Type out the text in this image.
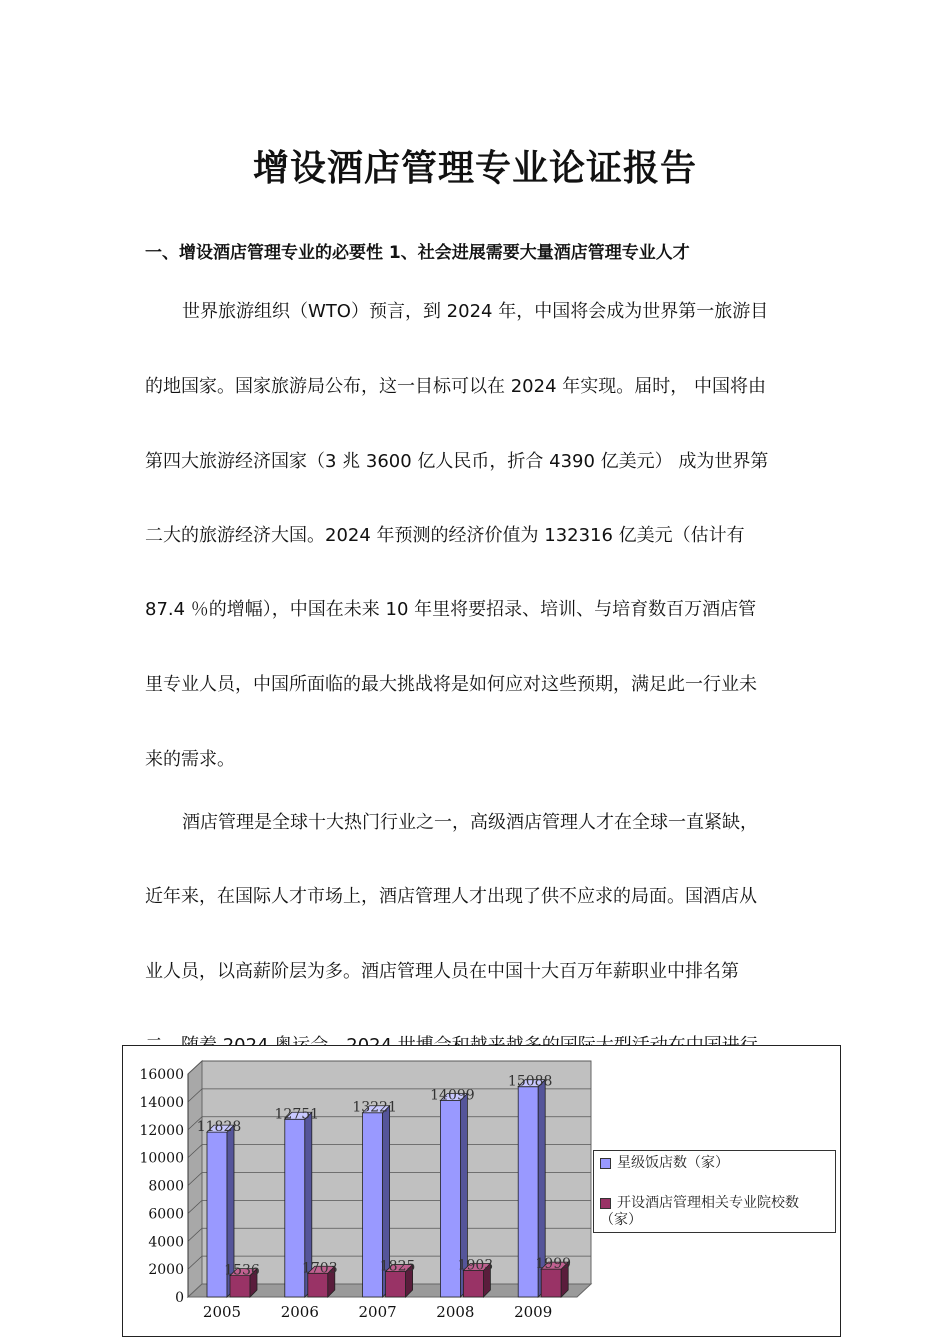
增设酒店管理专业论证报告
一、增设酒店管理专业的必要性 1、社会进展需要大量酒店管理专业人才
世界旅游组织（WTO）预言，到 2024 年，中国将会成为世界第一旅游目
的地国家。国家旅游局公布，这一目标可以在 2024 年实现。届时， 中国将由
第四大旅游经济国家（3 兆 3600 亿人民币，折合 4390 亿美元） 成为世界第
二大的旅游经济大国。2024 年预测的经济价值为 132316 亿美元（估计有
87.4 ％的增幅），中国在未来 10 年里将要招录、培训、与培育数百万酒店管
里专业人员，中国所面临的最大挑战将是如何应对这些预期，满足此一行业未
来的需求。
酒店管理是全球十大热门行业之一，高级酒店管理人才在全球一直紧缺，
近年来，在国际人才市场上，酒店管理人才出现了供不应求的局面。国酒店从
业人员，以高薪阶层为多。酒店管理人员在中国十大百万年薪职业中排名第
0
2000
4000
6000
8000
10000
12000
14000
16000
11828
1536
2005
12751
1703
2006
13221
1825
2007
14099
1903
2008
15088
1999
2009
星级饭店数（家）
开设酒店管理相关专业院校数（家）
